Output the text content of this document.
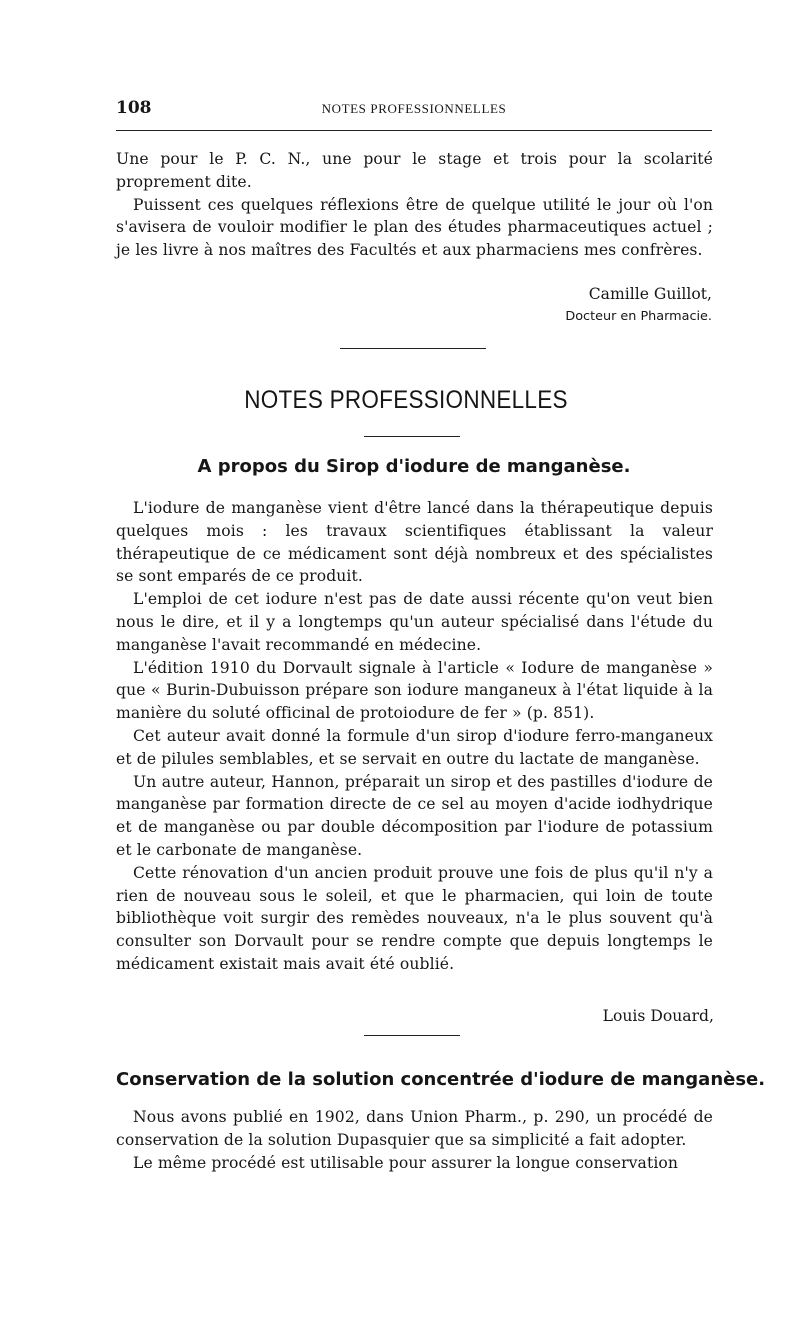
108	NOTES PROFESSIONNELLES

Une pour le P. C. N., une pour le stage et trois pour la scolarité proprement dite.

Puissent ces quelques réflexions être de quelque utilité le jour où l'on s'avisera de vouloir modifier le plan des études pharmaceutiques actuel ; je les livre à nos maîtres des Facultés et aux pharmaciens mes confrères.

Camille Guillot,
Docteur en Pharmacie.
NOTES PROFESSIONNELLES
A propos du Sirop d'iodure de manganèse.

L'iodure de manganèse vient d'être lancé dans la thérapeutique depuis quelques mois : les travaux scientifiques établissant la valeur thérapeutique de ce médicament sont déjà nombreux et des spécialistes se sont emparés de ce produit.

L'emploi de cet iodure n'est pas de date aussi récente qu'on veut bien nous le dire, et il y a longtemps qu'un auteur spécialisé dans l'étude du manganèse l'avait recommandé en médecine.

L'édition 1910 du Dorvault signale à l'article « Iodure de manganèse » que « Burin-Dubuisson prépare son iodure manganeux à l'état liquide à la manière du soluté officinal de protoiodure de fer » (p. 851).

Cet auteur avait donné la formule d'un sirop d'iodure ferro-manganeux et de pilules semblables, et se servait en outre du lactate de manganèse.

Un autre auteur, Hannon, préparait un sirop et des pastilles d'iodure de manganèse par formation directe de ce sel au moyen d'acide iodhydrique et de manganèse ou par double décomposition par l'iodure de potassium et le carbonate de manganèse.

Cette rénovation d'un ancien produit prouve une fois de plus qu'il n'y a rien de nouveau sous le soleil, et que le pharmacien, qui loin de toute bibliothèque voit surgir des remèdes nouveaux, n'a le plus souvent qu'à consulter son Dorvault pour se rendre compte que depuis longtemps le médicament existait mais avait été oublié.

Louis Douard,
Conservation de la solution concentrée d'iodure de manganèse.

Nous avons publié en 1902, dans Union Pharm., p. 290, un procédé de conservation de la solution Dupasquier que sa simplicité a fait adopter.

Le même procédé est utilisable pour assurer la longue conservation
